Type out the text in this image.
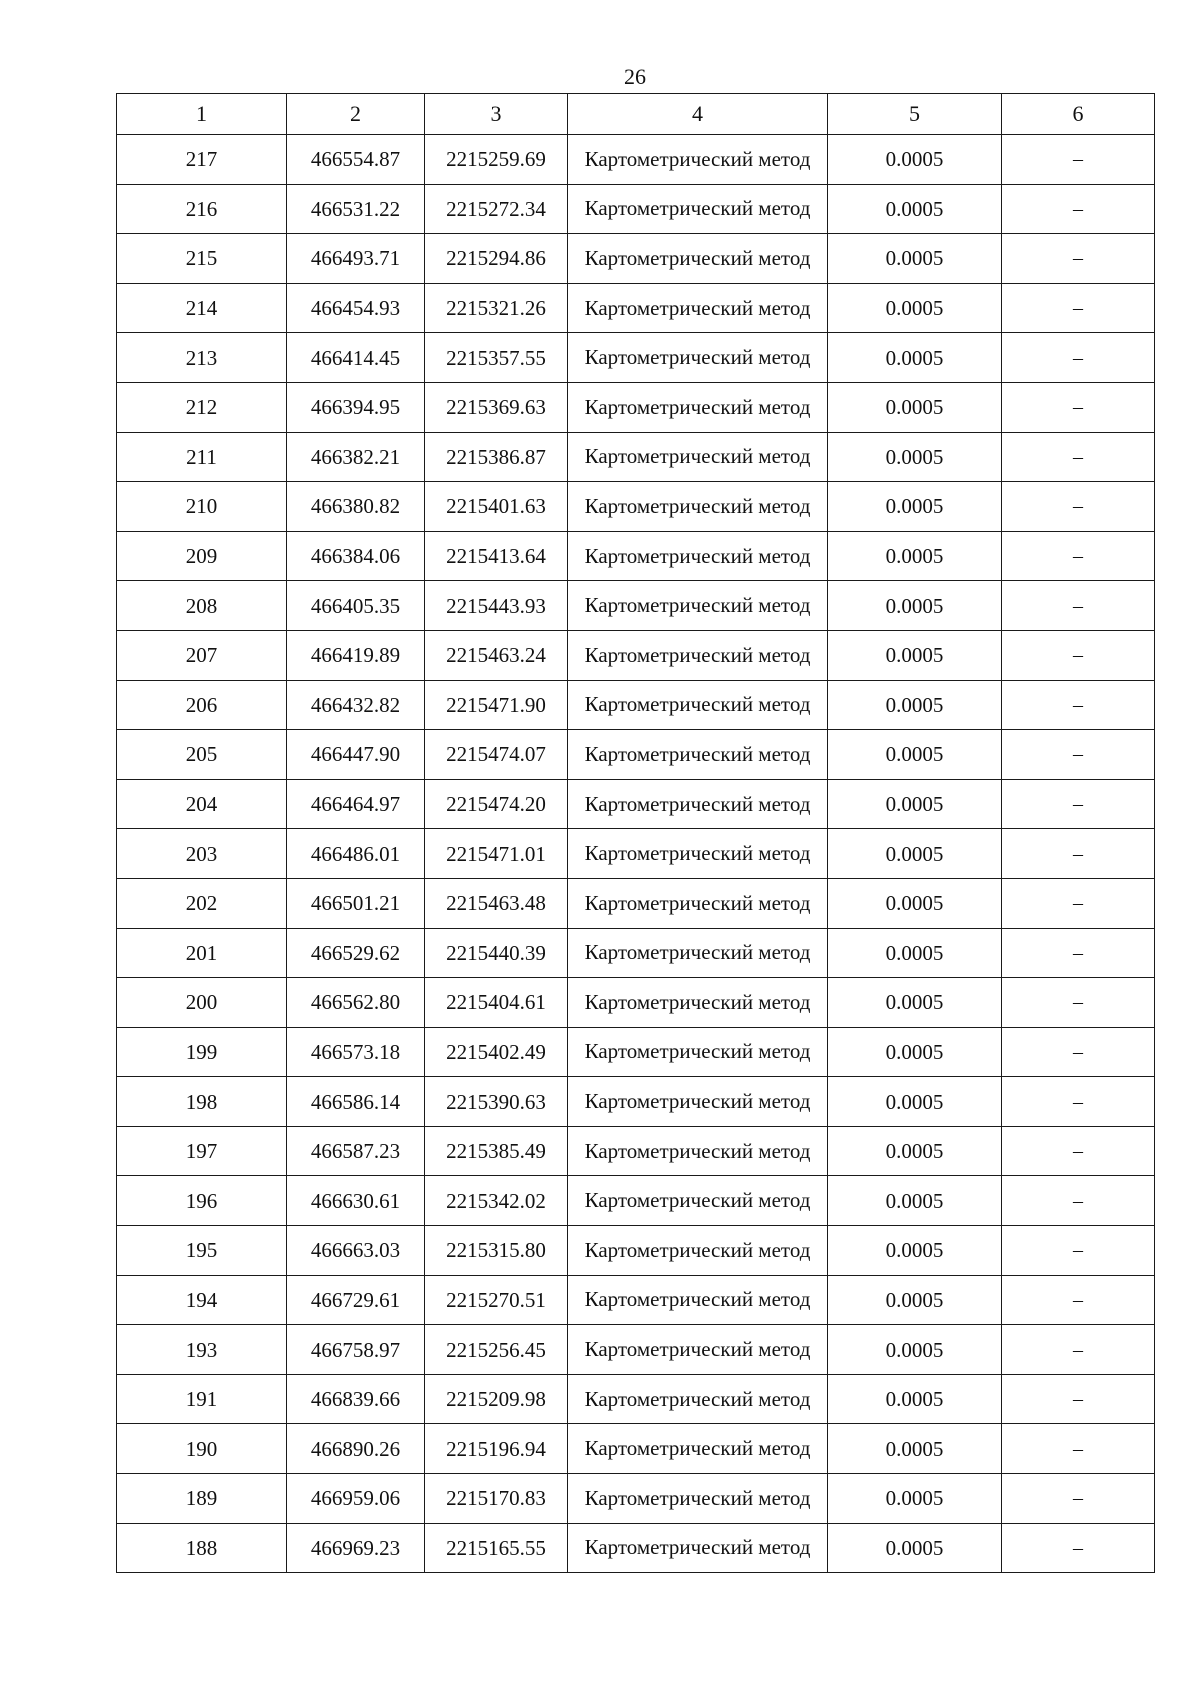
26
1	2	3	4	5	6
217	466554.87	2215259.69	Картометрический метод	0.0005	–
216	466531.22	2215272.34	Картометрический метод	0.0005	–
215	466493.71	2215294.86	Картометрический метод	0.0005	–
214	466454.93	2215321.26	Картометрический метод	0.0005	–
213	466414.45	2215357.55	Картометрический метод	0.0005	–
212	466394.95	2215369.63	Картометрический метод	0.0005	–
211	466382.21	2215386.87	Картометрический метод	0.0005	–
210	466380.82	2215401.63	Картометрический метод	0.0005	–
209	466384.06	2215413.64	Картометрический метод	0.0005	–
208	466405.35	2215443.93	Картометрический метод	0.0005	–
207	466419.89	2215463.24	Картометрический метод	0.0005	–
206	466432.82	2215471.90	Картометрический метод	0.0005	–
205	466447.90	2215474.07	Картометрический метод	0.0005	–
204	466464.97	2215474.20	Картометрический метод	0.0005	–
203	466486.01	2215471.01	Картометрический метод	0.0005	–
202	466501.21	2215463.48	Картометрический метод	0.0005	–
201	466529.62	2215440.39	Картометрический метод	0.0005	–
200	466562.80	2215404.61	Картометрический метод	0.0005	–
199	466573.18	2215402.49	Картометрический метод	0.0005	–
198	466586.14	2215390.63	Картометрический метод	0.0005	–
197	466587.23	2215385.49	Картометрический метод	0.0005	–
196	466630.61	2215342.02	Картометрический метод	0.0005	–
195	466663.03	2215315.80	Картометрический метод	0.0005	–
194	466729.61	2215270.51	Картометрический метод	0.0005	–
193	466758.97	2215256.45	Картометрический метод	0.0005	–
191	466839.66	2215209.98	Картометрический метод	0.0005	–
190	466890.26	2215196.94	Картометрический метод	0.0005	–
189	466959.06	2215170.83	Картометрический метод	0.0005	–
188	466969.23	2215165.55	Картометрический метод	0.0005	–
